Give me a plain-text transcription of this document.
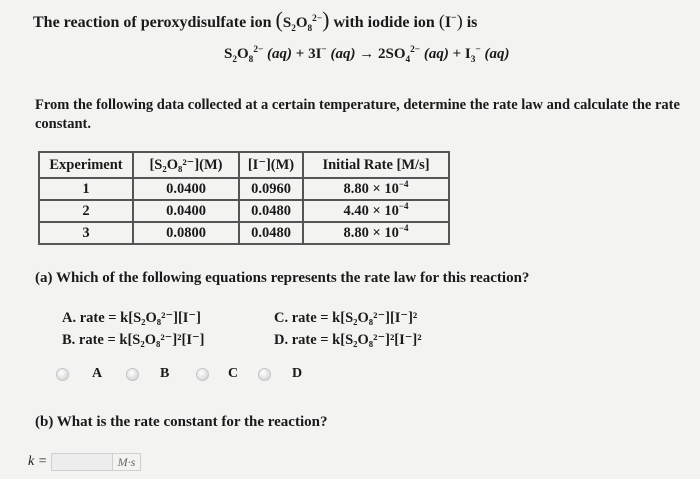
The reaction of peroxydisulfate ion $(S_2O_8^{2-})$ with iodide ion (I−) is
$S_2O_8^{2-}$ (aq) + 3I− $(aq) \to 2SO_4^{2-}$ $(aq) + I_3^-$ (aq)
From the following data collected at a certain temperature, determine the rate law and calculate the rate constant.
Experiment	[S₂O₈²⁻](M)	[I⁻](M)	Initial Rate [M/s]
1	0.0400	0.0960	$8.80 \times 10^{-4}$
2	0.0400	0.0480	$4.40 \times 10^{-4}$
3	0.0800	0.0480	$8.80 \times 10^{-4}$
(a) Which of the following equations represents the rate law for this reaction?
A. rate = k[S₂O₈²⁻][I⁻]
B. rate = k[S₂O₈²⁻]²[I⁻]
C. rate = k[S₂O₈²⁻][I⁻]²
D. rate = k[S₂O₈²⁻]²[I⁻]²
A	B	C	D
(b) What is the rate constant for the reaction?
k =	M·s
